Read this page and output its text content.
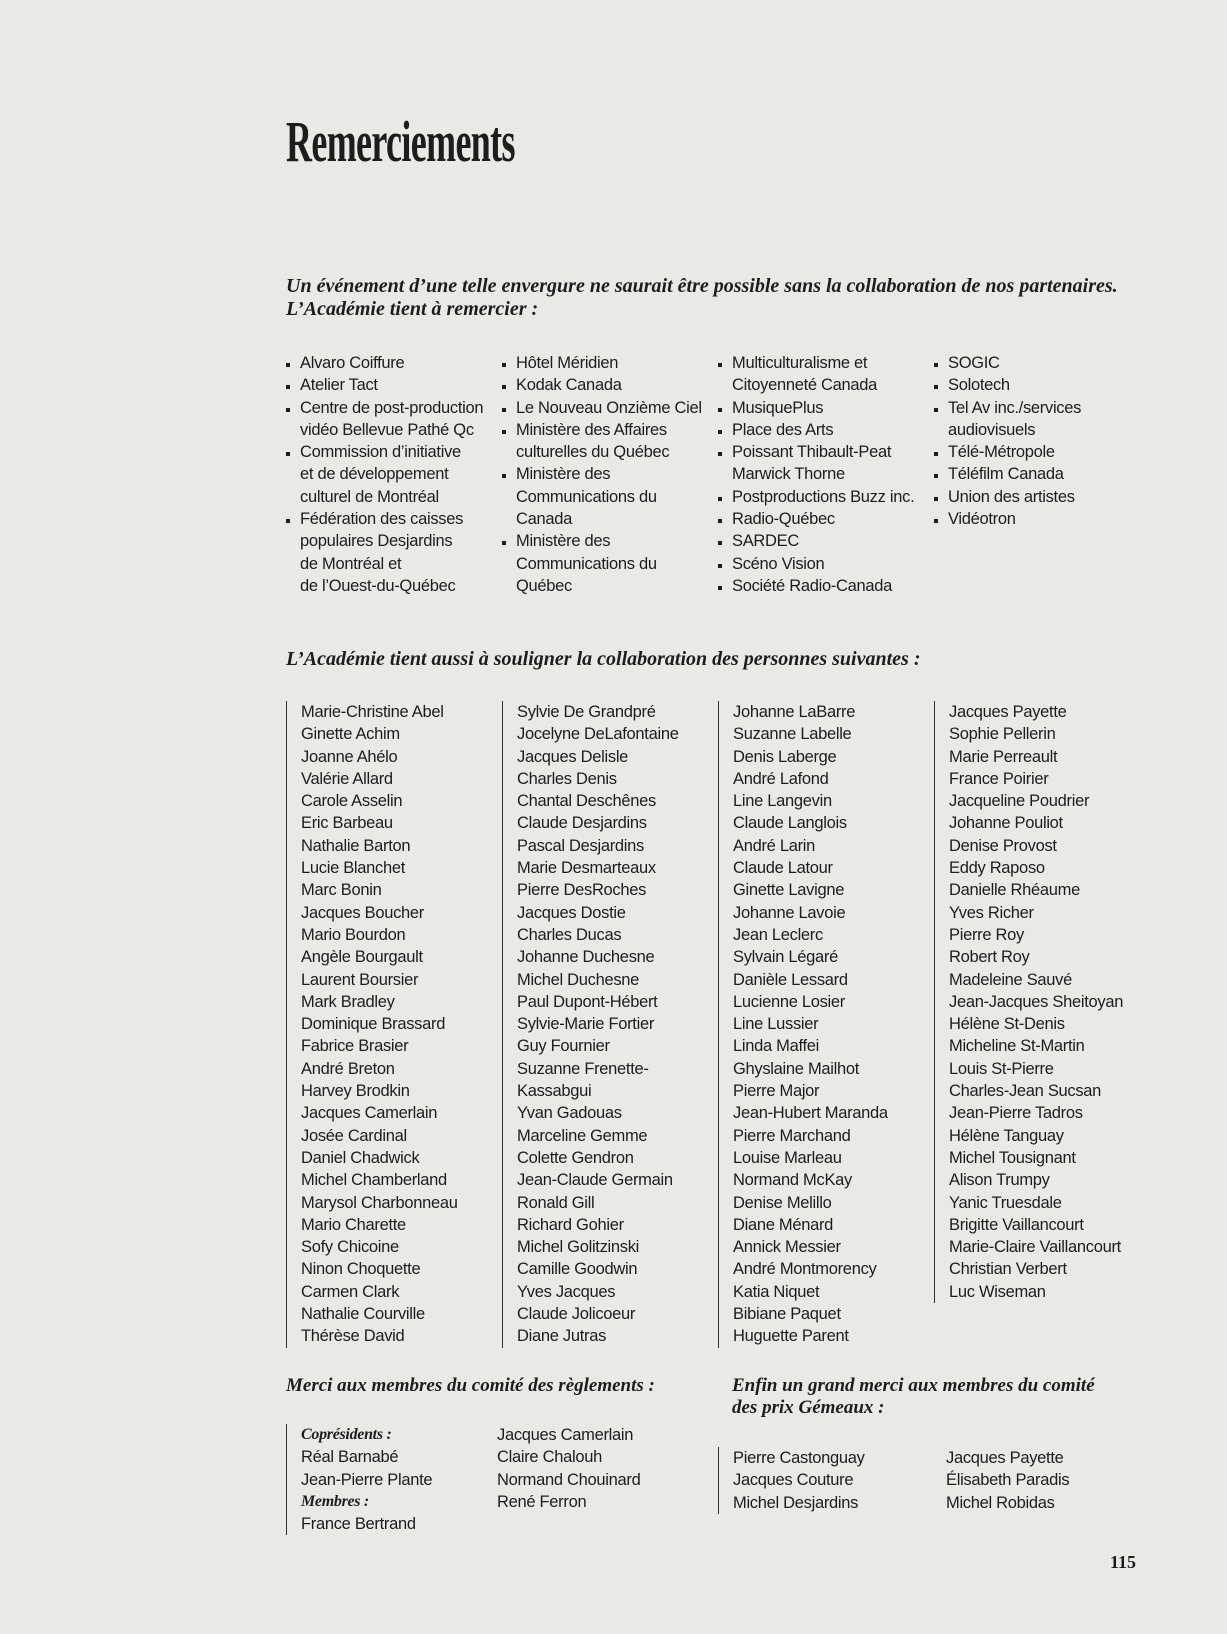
Remerciements

Un événement d’une telle envergure ne saurait être possible sans la collaboration de nos partenaires.
L’Académie tient à remercier :

Alvaro Coiffure
Atelier Tact
Centre de post-production
vidéo Bellevue Pathé Qc
Commission d’initiative
et de développement
culturel de Montréal
Fédération des caisses
populaires Desjardins
de Montréal et
de l’Ouest-du-Québec
Hôtel Méridien
Kodak Canada
Le Nouveau Onzième Ciel
Ministère des Affaires
culturelles du Québec
Ministère des
Communications du
Canada
Ministère des
Communications du
Québec
Multiculturalisme et
Citoyenneté Canada
MusiquePlus
Place des Arts
Poissant Thibault-Peat
Marwick Thorne
Postproductions Buzz inc.
Radio-Québec
SARDEC
Scéno Vision
Société Radio-Canada
SOGIC
Solotech
Tel Av inc./services
audiovisuels
Télé-Métropole
Téléfilm Canada
Union des artistes
Vidéotron
L’Académie tient aussi à souligner la collaboration des personnes suivantes :
Marie-Christine Abel
Ginette Achim
Joanne Ahélo
Valérie Allard
Carole Asselin
Eric Barbeau
Nathalie Barton
Lucie Blanchet
Marc Bonin
Jacques Boucher
Mario Bourdon
Angèle Bourgault
Laurent Boursier
Mark Bradley
Dominique Brassard
Fabrice Brasier
André Breton
Harvey Brodkin
Jacques Camerlain
Josée Cardinal
Daniel Chadwick
Michel Chamberland
Marysol Charbonneau
Mario Charette
Sofy Chicoine
Ninon Choquette
Carmen Clark
Nathalie Courville
Thérèse David
Sylvie De Grandpré
Jocelyne DeLafontaine
Jacques Delisle
Charles Denis
Chantal Deschênes
Claude Desjardins
Pascal Desjardins
Marie Desmarteaux
Pierre DesRoches
Jacques Dostie
Charles Ducas
Johanne Duchesne
Michel Duchesne
Paul Dupont-Hébert
Sylvie-Marie Fortier
Guy Fournier
Suzanne Frenette-
Kassabgui
Yvan Gadouas
Marceline Gemme
Colette Gendron
Jean-Claude Germain
Ronald Gill
Richard Gohier
Michel Golitzinski
Camille Goodwin
Yves Jacques
Claude Jolicoeur
Diane Jutras
Johanne LaBarre
Suzanne Labelle
Denis Laberge
André Lafond
Line Langevin
Claude Langlois
André Larin
Claude Latour
Ginette Lavigne
Johanne Lavoie
Jean Leclerc
Sylvain Légaré
Danièle Lessard
Lucienne Losier
Line Lussier
Linda Maffei
Ghyslaine Mailhot
Pierre Major
Jean-Hubert Maranda
Pierre Marchand
Louise Marleau
Normand McKay
Denise Melillo
Diane Ménard
Annick Messier
André Montmorency
Katia Niquet
Bibiane Paquet
Huguette Parent
Jacques Payette
Sophie Pellerin
Marie Perreault
France Poirier
Jacqueline Poudrier
Johanne Pouliot
Denise Provost
Eddy Raposo
Danielle Rhéaume
Yves Richer
Pierre Roy
Robert Roy
Madeleine Sauvé
Jean-Jacques Sheitoyan
Hélène St-Denis
Micheline St-Martin
Louis St-Pierre
Charles-Jean Sucsan
Jean-Pierre Tadros
Hélène Tanguay
Michel Tousignant
Alison Trumpy
Yanic Truesdale
Brigitte Vaillancourt
Marie-Claire Vaillancourt
Christian Verbert
Luc Wiseman
Merci aux membres du comité des règlements :
Coprésidents :
Réal Barnabé
Jean-Pierre Plante
Membres :
France Bertrand
Jacques Camerlain
Claire Chalouh
Normand Chouinard
René Ferron
Enfin un grand merci aux membres du comité
des prix Gémeaux :
Pierre Castonguay
Jacques Couture
Michel Desjardins
Jacques Payette
Élisabeth Paradis
Michel Robidas
115
